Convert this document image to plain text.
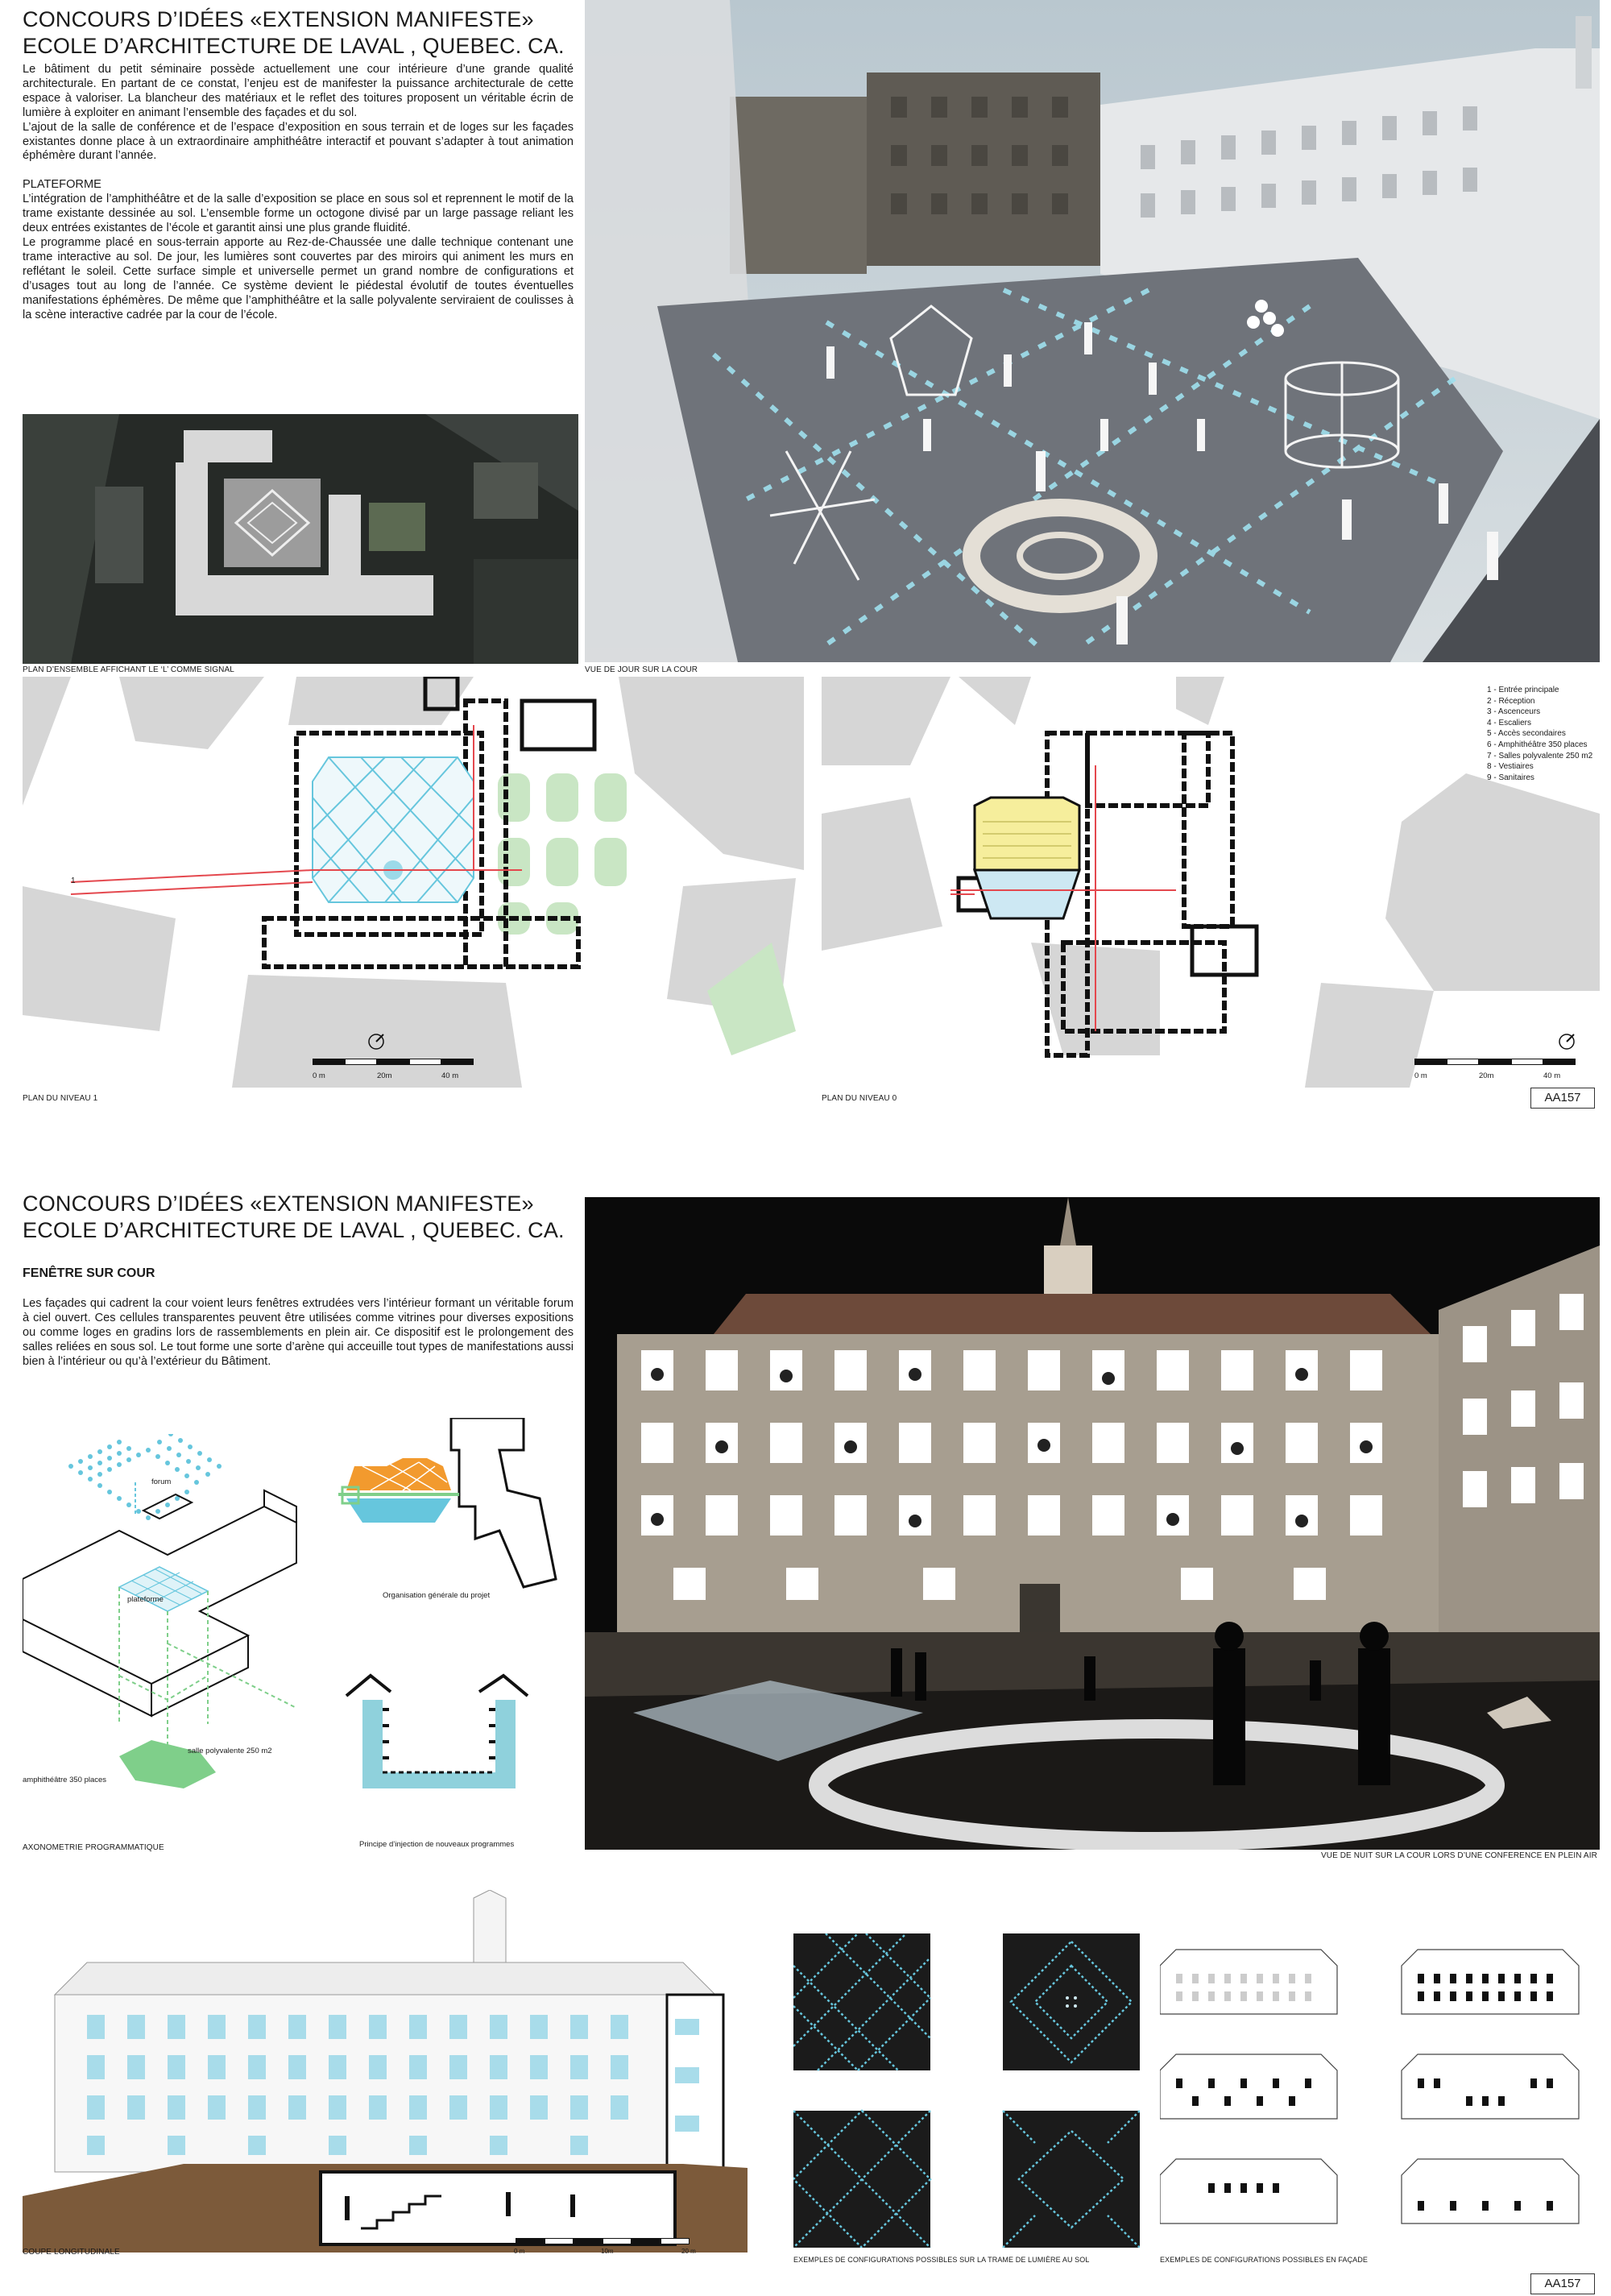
CONCOURS D’IDÉES «EXTENSION MANIFESTE»
ECOLE D’ARCHITECTURE DE LAVAL , QUEBEC. CA.

Le bâtiment du petit séminaire possède actuellement une cour intérieure d’une grande qualité architecturale. En partant de ce constat, l’enjeu est de manifester la puissance architecturale de cette espace à valoriser. La blancheur des matériaux et le reflet des toitures proposent un véritable écrin de lumière à exploiter en animant l’ensemble des façades et du sol.

L’ajout de la salle de conférence et de l’espace d’exposition en sous terrain et de loges sur les façades existantes donne place à un extraordinaire amphithéâtre interactif et pouvant s’adapter à tout animation éphémère durant l’année.

PLATEFORME

L’intégration de l’amphithéâtre et de la salle d’exposition se place en sous sol et reprennent le motif de la trame existante dessinée au sol. L’ensemble forme un octogone divisé par un large passage reliant les deux entrées existantes de l’école et garantit ainsi une plus grande fluidité.

Le programme placé en sous-terrain apporte au Rez-de-Chaussée une dalle technique contenant une trame interactive au sol. De jour, les lumières sont couvertes par des miroirs qui animent les murs en reflétant le soleil. Cette surface simple et universelle permet un grand nombre de configurations et d’usages tout au long de l’année. Ce système devient le piédestal évolutif de toutes éventuelles manifestations éphémères. De même que l’amphithéâtre et la salle polyvalente serviraient de coulisses à la scène interactive cadrée par la cour de l’école.

PLAN D’ENSEMBLE AFFICHANT LE ‘L’ COMME SIGNAL	VUE DE JOUR SUR LA COUR
1
0 m	20m	40 m
PLAN DU NIVEAU 1
1 - Entrée principale
2 - Réception
3 - Ascenceurs
4 - Escaliers
5 - Accès secondaires
6 - Amphithéâtre 350 places
7 - Salles polyvalente 250 m2
8 - Vestiaires
9 - Sanitaires
0 m	20m	40 m
PLAN DU NIVEAU 0	AA157
CONCOURS D’IDÉES «EXTENSION MANIFESTE»
ECOLE D’ARCHITECTURE DE LAVAL , QUEBEC. CA.
FENÊTRE SUR COUR
Les façades qui cadrent la cour voient leurs fenêtres extrudées vers l’intérieur formant un véritable forum à ciel ouvert. Ces cellules transparentes peuvent être utilisées comme vitrines pour diverses expositions ou comme loges en gradins lors de rassemblements en plein air. Ce dispositif est le prolongement des salles reliées en sous sol. Le tout forme une sorte d’arène qui acceuille tout types de manifestations aussi bien à l’intérieur ou qu’à l’extérieur du Bâtiment.
forum
plateforme
salle polyvalente 250 m2
amphithéâtre 350 places
AXONOMETRIE PROGRAMMATIQUE
Organisation générale du projet
Principe d’injection de nouveaux programmes
VUE DE NUIT SUR LA COUR LORS D’UNE CONFERENCE EN PLEIN AIR
COUPE LONGITUDINALE	0 m	10m	20 m
EXEMPLES DE CONFIGURATIONS POSSIBLES SUR LA TRAME DE LUMIÈRE AU SOL	EXEMPLES DE CONFIGURATIONS POSSIBLES EN FAÇADE
AA157
